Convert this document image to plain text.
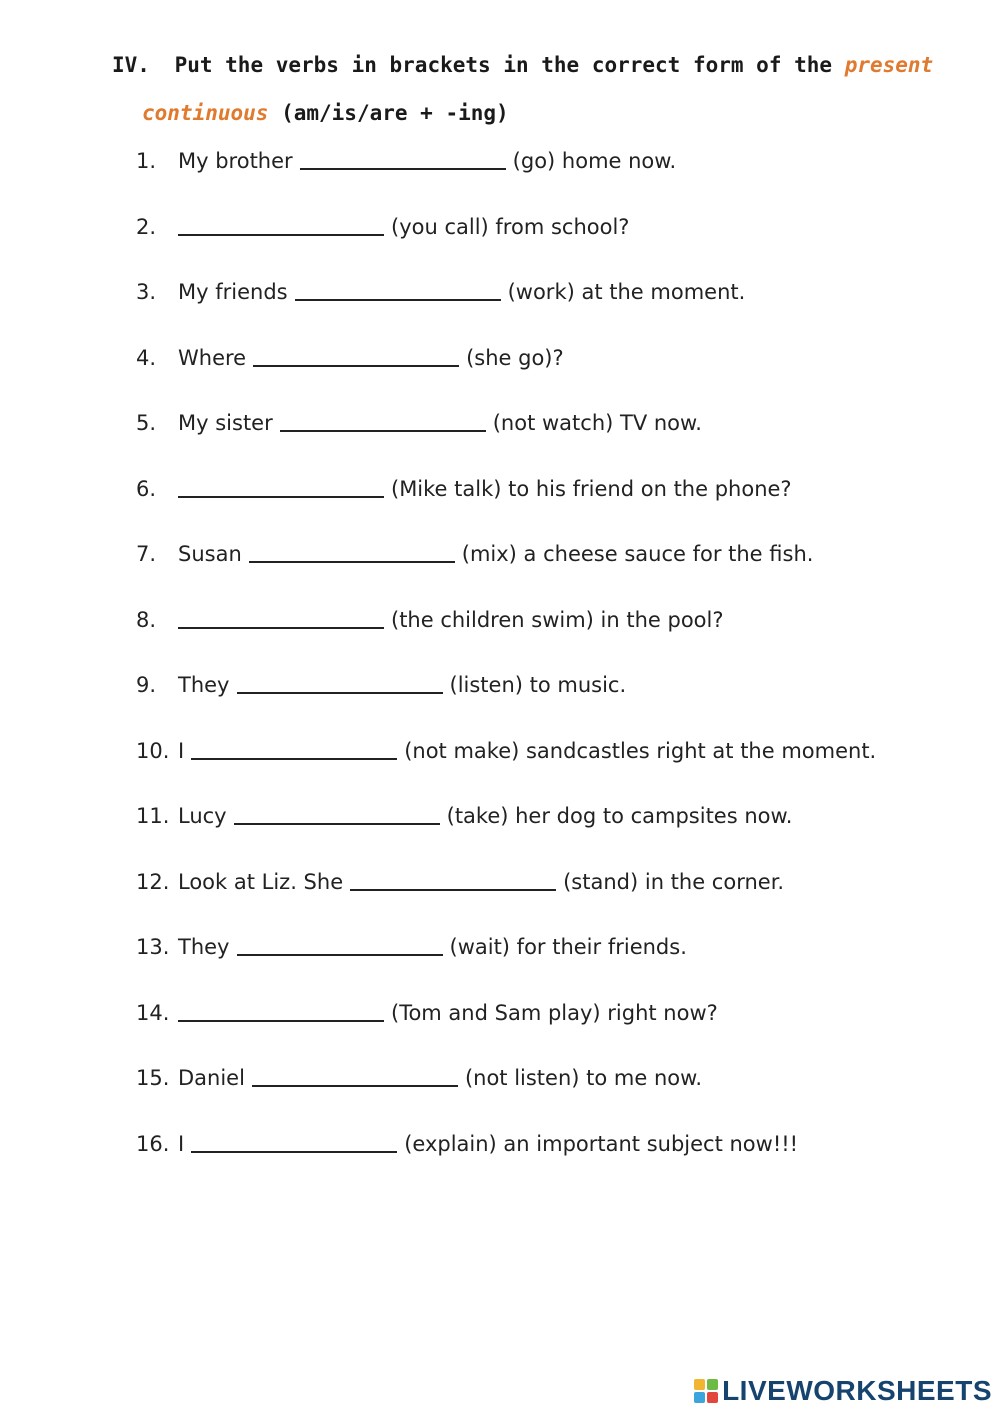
IV. Put the verbs in brackets in the correct form of the present
continuous (am/is/are + -ing)
1. My brother	(go) home now.
2.	(you call) from school?
3. My friends	(work) at the moment.
4. Where	(she go)?
5. My sister	(not watch) TV now.
6.	(Mike talk) to his friend on the phone?
7. Susan	(mix) a cheese sauce for the fish.
8.	(the children swim) in the pool?
9. They	(listen) to music.
10. I	(not make) sandcastles right at the moment.
11. Lucy	(take) her dog to campsites now.
12. Look at Liz. She	(stand) in the corner.
13. They	(wait) for their friends.
14.	(Tom and Sam play) right now?
15. Daniel	(not listen) to me now.
16. I	(explain) an important subject now!!!
LIVEWORKSHEETS
